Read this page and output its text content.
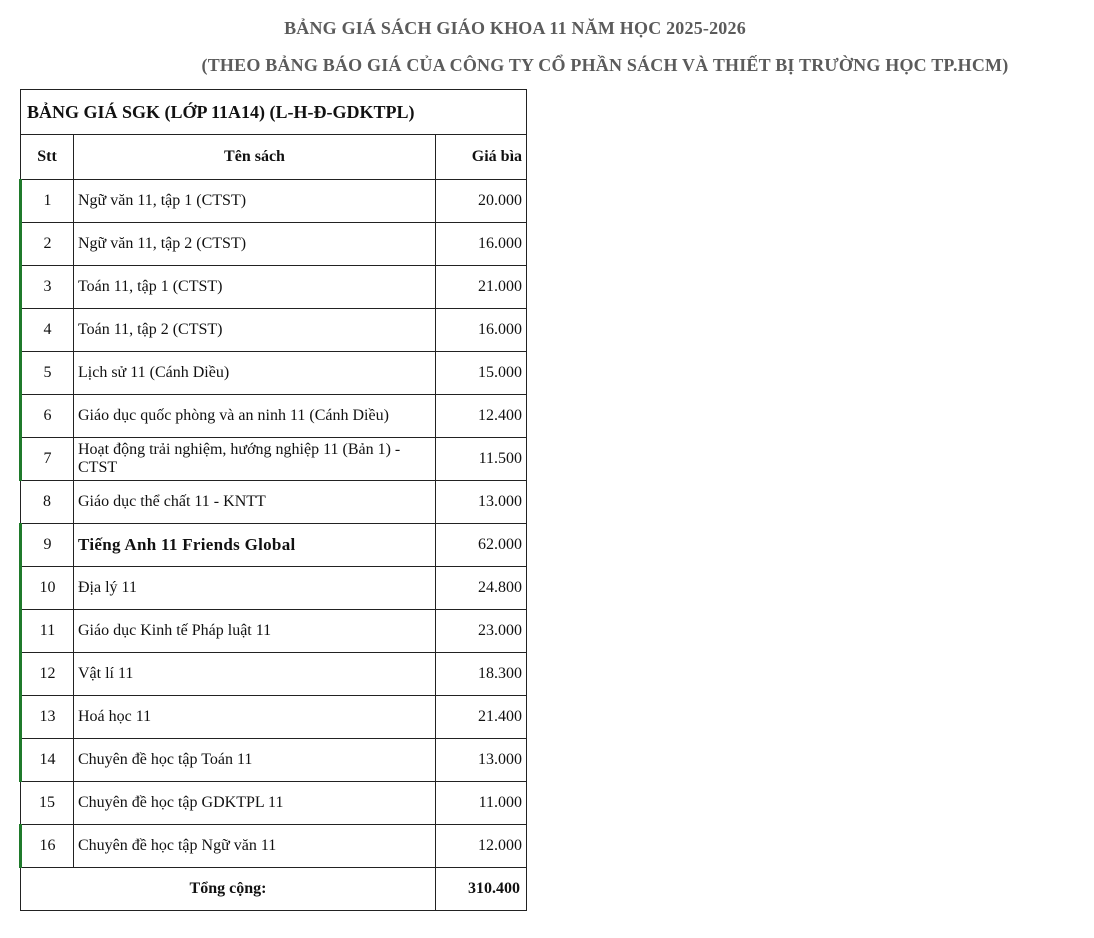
BẢNG GIÁ SÁCH GIÁO KHOA 11 NĂM HỌC 2025-2026
(THEO BẢNG BÁO GIÁ CỦA CÔNG TY CỔ PHẦN SÁCH VÀ THIẾT BỊ TRƯỜNG HỌC TP.HCM)
BẢNG GIÁ SGK (LỚP 11A14) (L-H-Đ-GDKTPL)		
Stt	Tên sách	Giá bìa
1	Ngữ văn 11, tập 1 (CTST)	20.000
2	Ngữ văn 11, tập 2 (CTST)	16.000
3	Toán 11, tập 1 (CTST)	21.000
4	Toán 11, tập 2 (CTST)	16.000
5	Lịch sử 11 (Cánh Diều)	15.000
6	Giáo dục quốc phòng và an ninh 11 (Cánh Diều)	12.400
7	Hoạt động trải nghiệm, hướng nghiệp 11 (Bản 1) - CTST	11.500
8	Giáo dục thể chất 11 - KNTT	13.000
9	Tiếng Anh 11 Friends Global	62.000
10	Địa lý 11	24.800
11	Giáo dục Kinh tế Pháp luật 11	23.000
12	Vật lí 11	18.300
13	Hoá học 11	21.400
14	Chuyên đề học tập Toán 11	13.000
15	Chuyên đề học tập GDKTPL 11	11.000
16	Chuyên đề học tập Ngữ văn 11	12.000
Tổng cộng:		310.400
